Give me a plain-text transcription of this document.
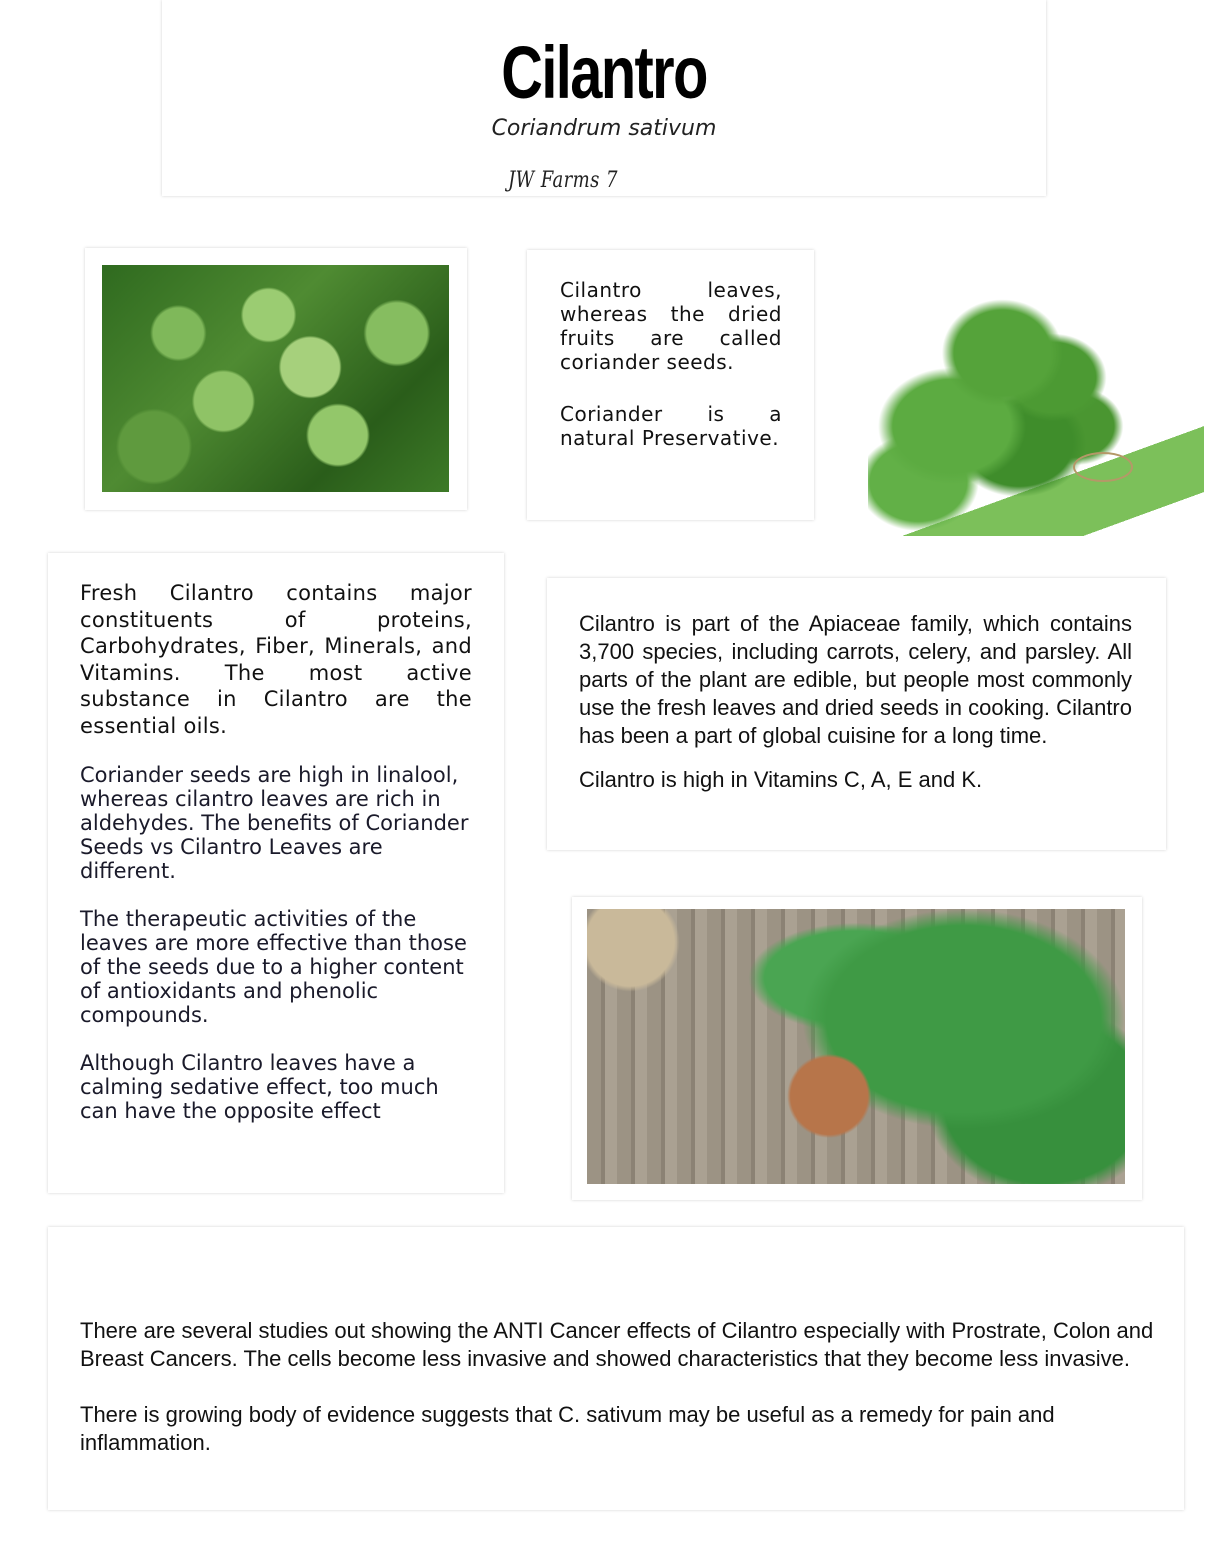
Cilantro
Coriandrum sativum
JW Farms 7

Cilantro leaves, whereas the dried fruits are called coriander seeds.

Coriander is a natural Preservative.

Fresh Cilantro contains major constituents of proteins, Carbohydrates, Fiber, Minerals, and Vitamins. The most active substance in Cilantro are the essential oils.

Coriander seeds are high in linalool, whereas cilantro leaves are rich in aldehydes. The benefits of Coriander Seeds vs Cilantro Leaves are different.

The therapeutic activities of the leaves are more effective than those of the seeds due to a higher content of antioxidants and phenolic compounds.

Although Cilantro leaves have a calming sedative effect, too much can have the opposite effect

Cilantro is part of the Apiaceae family, which contains 3,700 species, including carrots, celery, and parsley. All parts of the plant are edible, but people most commonly use the fresh leaves and dried seeds in cooking. Cilantro has been a part of global cuisine for a long time.

Cilantro is high in Vitamins C, A, E and K.

There are several studies out showing the ANTI Cancer effects of Cilantro especially with Prostrate, Colon and Breast Cancers. The cells become less invasive and showed characteristics that they become less invasive.

There is growing body of evidence suggests that C. sativum may be useful as a remedy for pain and inflammation.
